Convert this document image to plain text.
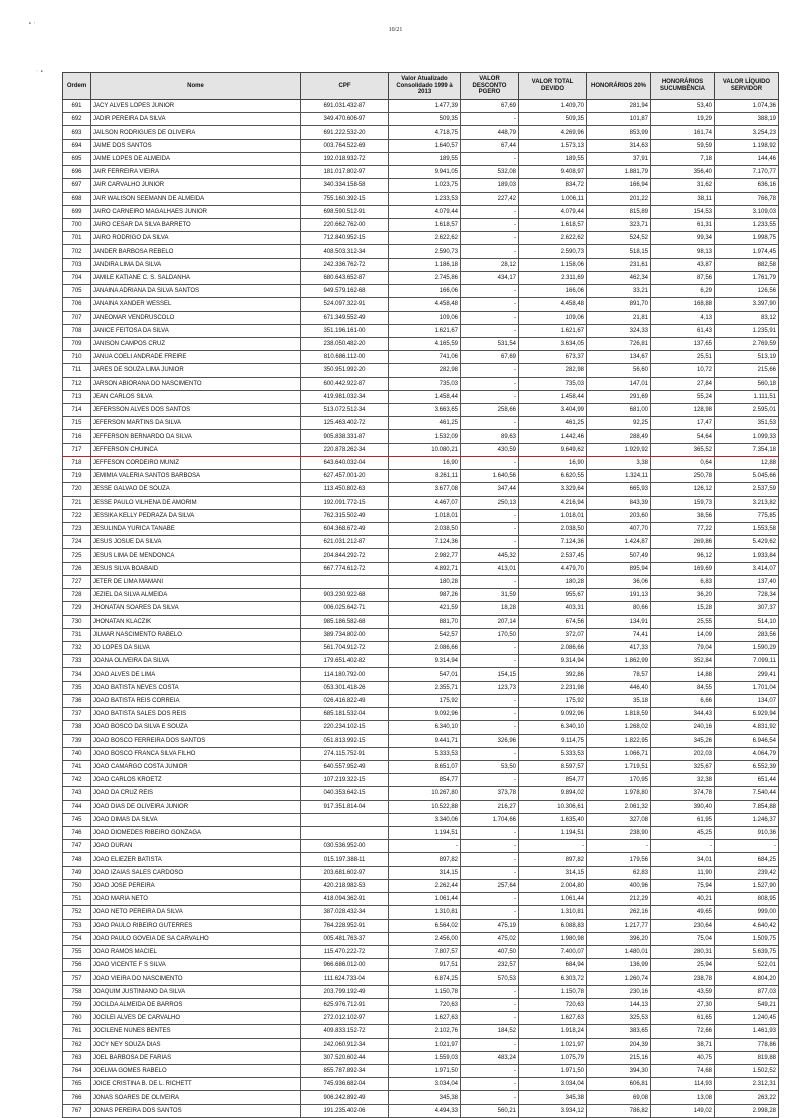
∙ ⋅
⋅ ∙
10/21
Ordem	Nome	CPF	Valor Atualizado Consolidado 1999 à 2013	VALOR DESCONTO PGERO	VALOR TOTAL DEVIDO	HONORÁRIOS 20%	HONORÁRIOS SUCUMBÊNCIA	VALOR LÍQUIDO SERVIDOR
691	JACY ALVES LOPES JUNIOR	691.031.432-87	1.477,39	67,69	1.409,70	281,94	53,40	1.074,36
692	JADIR PEREIRA DA SILVA	349.470.606-97	509,35	-	509,35	101,87	19,29	388,19
693	JAILSON RODRIGUES DE OLIVEIRA	691.222.532-20	4.718,75	448,79	4.269,96	853,99	161,74	3.254,23
694	JAIME DOS SANTOS	003.764.522-69	1.640,57	67,44	1.573,13	314,63	59,59	1.198,92
695	JAIME LOPES DE ALMEIDA	192.018.932-72	189,55	-	189,55	37,91	7,18	144,46
696	JAIR FERREIRA VIEIRA	181.017.802-97	9.941,05	532,08	9.408,97	1.881,79	356,40	7.170,77
697	JAIR CARVALHO JUNIOR	340.334.158-58	1.023,75	189,03	834,72	166,94	31,62	636,16
698	JAIR WALISON SEEMANN DE ALMEIDA	755.160.392-15	1.233,53	227,42	1.006,11	201,22	38,11	766,78
699	JAIRO CARNEIRO MAGALHAES JUNIOR	698.590.512-91	4.079,44	-	4.079,44	815,89	154,53	3.109,03
700	JAIRO CESAR DA SILVA BARRETO	220.662.762-00	1.618,57	-	1.618,57	323,71	61,31	1.233,55
701	JAIRO RODRIGO DA SILVA	712.840.952-15	2.622,62	-	2.622,62	524,52	99,34	1.998,75
702	JANDER BARBOSA REBELO	408.503.312-34	2.590,73	-	2.590,73	518,15	98,13	1.974,45
703	JANDIRA LIMA DA SILVA	242.336.762-72	1.186,18	28,12	1.158,06	231,61	43,87	882,58
704	JAMILE KATIANE C. S. SALDANHA	680.643.652-87	2.745,86	434,17	2.311,69	462,34	87,56	1.761,79
705	JANAINA ADRIANA DA SILVA SANTOS	949.579.162-68	166,06	-	166,06	33,21	6,29	126,56
706	JANAINA XANDER WESSEL	524.097.322-91	4.458,48	-	4.458,48	891,70	168,88	3.397,90
707	JANEOMAR VENDRUSCOLO	671.349.552-49	109,06	-	109,06	21,81	4,13	83,12
708	JANICE FEITOSA DA SILVA	351.196.161-00	1.621,67	-	1.621,67	324,33	61,43	1.235,91
709	JANISON CAMPOS CRUZ	238.050.482-20	4.165,59	531,54	3.634,05	726,81	137,65	2.769,59
710	JANUA COELI ANDRADE FREIRE	810.686.112-00	741,06	67,69	673,37	134,67	25,51	513,19
711	JARES DE SOUZA LIMA JUNIOR	350.951.992-20	282,98	-	282,98	56,60	10,72	215,66
712	JARSON ABIORANA DO NASCIMENTO	600.442.922-87	735,03	-	735,03	147,01	27,84	560,18
713	JEAN CARLOS SILVA	419.981.032-34	1.458,44	-	1.458,44	291,69	55,24	1.111,51
714	JEFERSSON ALVES DOS SANTOS	513.072.512-34	3.663,65	258,66	3.404,99	681,00	128,98	2.595,01
715	JEFERSON MARTINS DA SILVA	125.463.402-72	461,25	-	461,25	92,25	17,47	351,53
716	JEFFERSON BERNARDO DA SILVA	905.838.331-87	1.532,09	89,63	1.442,46	288,49	54,64	1.099,33
717	JEFFERSON CHUINCA	220.878.262-34	10.080,21	430,59	9.649,62	1.929,92	365,52	7.354,18
718	JEFFESON CORDEIRO MUNIZ	643.640.032-04	16,90	-	16,90	3,38	0,64	12,88
719	JEMIMIA VALERIA SANTOS BARBOSA	627.457.001-20	8.261,11	1.640,56	6.620,55	1.324,11	250,78	5.045,66
720	JESSE GALVAO DE SOUZA	113.450.802-63	3.677,08	347,44	3.329,64	665,93	126,12	2.537,59
721	JESSE PAULO VILHENA DE AMORIM	192.091.772-15	4.467,07	250,13	4.216,94	843,39	159,73	3.213,82
722	JESSIKA KELLY PEDRAZA DA SILVA	762.315.502-49	1.018,01	-	1.018,01	203,60	38,56	775,85
723	JESULINDA YURICA TANABE	604.368.672-49	2.038,50	-	2.038,50	407,70	77,22	1.553,58
724	JESUS JOSUE DA SILVA	621.031.212-87	7.124,36	-	7.124,36	1.424,87	269,86	5.429,62
725	JESUS LIMA DE MENDONCA	204.844.292-72	2.982,77	445,32	2.537,45	507,49	96,12	1.933,84
726	JESUS SILVA BOABAID	667.774.612-72	4.892,71	413,01	4.479,70	895,94	169,69	3.414,07
727	JETER DE LIMA MAMANI		180,28	-	180,28	36,06	6,83	137,40
728	JEZIEL DA SILVA ALMEIDA	903.230.922-68	987,26	31,59	955,67	191,13	36,20	728,34
729	JHONATAN SOARES DA SILVA	006.025.642-71	421,59	18,28	403,31	80,66	15,28	307,37
730	JHONATAN KLACZIK	985.186.582-68	881,70	207,14	674,56	134,91	25,55	514,10
731	JILMAR NASCIMENTO RABELO	389.734.802-00	542,57	170,50	372,07	74,41	14,09	283,56
732	JO LOPES DA SILVA	561.704.912-72	2.086,66	-	2.086,66	417,33	79,04	1.590,29
733	JOANA OLIVEIRA DA SILVA	179.651.402-82	9.314,94	-	9.314,94	1.862,99	352,84	7.099,11
734	JOAO ALVES DE LIMA	114.180.792-00	547,01	154,15	392,86	78,57	14,88	299,41
735	JOAO BATISTA NEVES COSTA	053.301.418-26	2.355,71	123,73	2.231,98	446,40	84,55	1.701,04
736	JOAO BATISTA REIS CORREIA	026.416.822-49	175,92	-	175,92	35,18	6,66	134,07
737	JOAO BATISTA SALES DOS REIS	685.181.532-04	9.092,96	-	9.092,96	1.818,59	344,43	6.929,94
738	JOAO BOSCO DA SILVA E SOUZA	220.234.102-15	6.340,10	-	6.340,10	1.268,02	240,16	4.831,92
739	JOAO BOSCO FERREIRA DOS SANTOS	051.813.992-15	9.441,71	326,96	9.114,75	1.822,95	345,26	6.946,54
740	JOAO BOSCO FRANCA SILVA FILHO	274.115.752-91	5.333,53	-	5.333,53	1.066,71	202,03	4.064,79
741	JOAO CAMARGO COSTA JUNIOR	640.557.952-49	8.651,07	53,50	8.597,57	1.719,51	325,67	6.552,39
742	JOAO CARLOS KROETZ	107.219.322-15	854,77	-	854,77	170,95	32,38	651,44
743	JOAO DA CRUZ REIS	040.353.642-15	10.267,80	373,78	9.894,02	1.978,80	374,78	7.540,44
744	JOAO DIAS DE OLIVEIRA JUNIOR	917.351.814-04	10.522,88	216,27	10.306,61	2.061,32	390,40	7.854,88
745	JOAO DIMAS DA SILVA		3.340,06	1.704,66	1.635,40	327,08	61,95	1.246,37
746	JOAO DIOMEDES RIBEIRO GONZAGA		1.194,51	-	1.194,51	238,90	45,25	910,36
747	JOAO DURAN	030.536.952-00	-	-	-	-	-	-
748	JOAO ELIEZER BATISTA	015.197.388-11	897,82	-	897,82	179,56	34,01	684,25
749	JOAO IZAIAS SALES CARDOSO	203.681.602-97	314,15	-	314,15	62,83	11,90	239,42
750	JOAO JOSE PEREIRA	420.218.982-53	2.262,44	257,64	2.004,80	400,96	75,94	1.527,90
751	JOAO MARIA NETO	418.094.362-91	1.061,44	-	1.061,44	212,29	40,21	808,95
752	JOAO NETO PEREIRA DA SILVA	387.028.432-34	1.310,81	-	1.310,81	262,16	49,65	999,00
753	JOAO PAULO RIBEIRO GUTERRES	764.228.952-91	6.564,02	475,19	6.088,83	1.217,77	230,64	4.640,42
754	JOAO PAULO GOVEIA DE SA CARVALHO	005.481.763-37	2.456,00	475,02	1.980,98	396,20	75,04	1.509,75
755	JOAO RAMOS MACIEL	115.470.222-72	7.807,57	407,50	7.400,07	1.480,01	280,31	5.639,75
756	JOAO VICENTE F S SILVA	966.686.012-00	917,51	232,57	684,94	136,99	25,94	522,01
757	JOAO VIEIRA DO NASCIMENTO	111.624.733-04	6.874,25	570,53	6.303,72	1.260,74	238,78	4.804,20
758	JOAQUIM JUSTINIANO DA SILVA	203.799.192-49	1.150,78	-	1.150,78	230,16	43,59	877,03
759	JOCILDA ALMEIDA DE BARROS	625.976.712-91	720,63	-	720,63	144,13	27,30	549,21
760	JOCILEI ALVES DE CARVALHO	272.012.102-97	1.627,63	-	1.627,63	325,53	61,65	1.240,45
761	JOCILENE NUNES BENTES	409.833.152-72	2.102,76	184,52	1.918,24	383,65	72,66	1.461,93
762	JOCY NEY SOUZA DIAS	242.060.912-34	1.021,97	-	1.021,97	204,39	38,71	778,86
763	JOEL BARBOSA DE FARIAS	307.520.602-44	1.559,03	483,24	1.075,79	215,16	40,75	819,88
764	JOELMA GOMES RABELO	855.787.892-34	1.971,50	-	1.971,50	394,30	74,68	1.502,52
765	JOICE CRISTINA B. DE L. RICHETT	745.936.682-04	3.034,04	-	3.034,04	606,81	114,93	2.312,31
766	JONAS SOARES DE OLIVEIRA	906.242.892-49	345,38	-	345,38	69,08	13,08	263,22
767	JONAS PEREIRA DOS SANTOS	191.235.402-06	4.494,33	560,21	3.934,12	786,82	149,02	2.998,28
